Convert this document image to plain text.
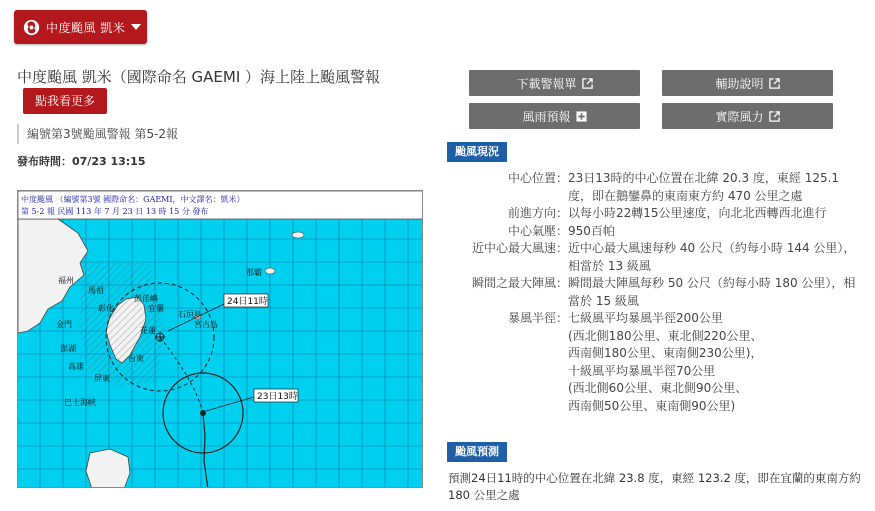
中度颱風 凱米
中度颱風 凱米（國際命名 GAEMI ）海上陸上颱風警報
點我看更多
編號第3號颱風警報 第5-2報
發布時間：07/23 13:15
24日11時
23日13時
中度颱風 （編號第3號 國際命名：GAEMI，中文譯名：凱米）
第 5-2 報 民國 113 年 7 月 23 日 13 時 15 分 發布
福州
馬祖
金門
澎湖
彰化	宜蘭
花蓮
台東
高雄
屏東
巴士海峽
彭佳嶼
石垣島
宮古島
那霸
下載警報單	輔助說明
風雨預報	實際風力
颱風現況
中心位置： 23日13時的中心位置在北緯 20.3 度，東經 125.1 度，即在鵝鑾鼻的東南東方約 470 公里之處
前進方向： 以每小時22轉15公里速度，向北北西轉西北進行
中心氣壓： 950百帕
近中心最大風速： 近中心最大風速每秒 40 公尺（約每小時 144 公里），相當於 13 級風
瞬間之最大陣風： 瞬間最大陣風每秒 50 公尺（約每小時 180 公里），相當於 15 級風
暴風半徑： 七級風平均暴風半徑200公里
(西北側180公里、東北側220公里、
西南側180公里、東南側230公里)，
十級風平均暴風半徑70公里
(西北側60公里、東北側90公里、
西南側50公里、東南側90公里)
颱風預測
預測24日11時的中心位置在北緯 23.8 度，東經 123.2 度，即在宜蘭的東南方約 180 公里之處
